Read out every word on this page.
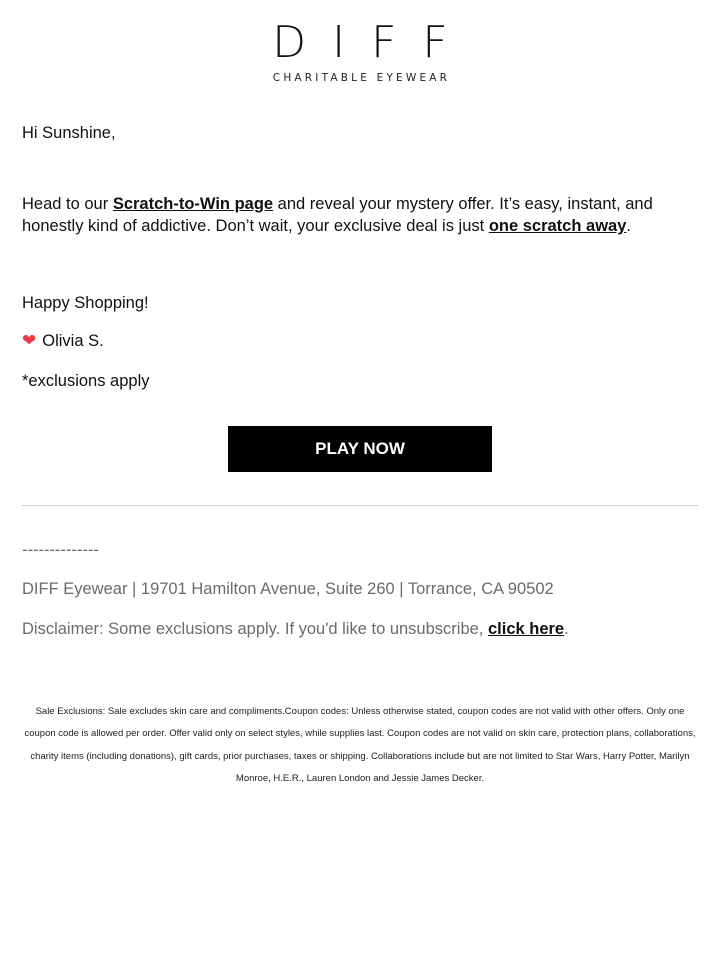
DIFF
CHARITABLE EYEWEAR
Hi Sunshine,
Head to our Scratch-to-Win page and reveal your mystery offer. It’s easy, instant, and honestly kind of addictive. Don’t wait, your exclusive deal is just one scratch away.
Happy Shopping!
❤ Olivia S.
*exclusions apply
PLAY NOW
--------------
DIFF Eyewear | 19701 Hamilton Avenue, Suite 260 | Torrance, CA 90502
Disclaimer: Some exclusions apply. If you'd like to unsubscribe, click here.
Sale Exclusions: Sale excludes skin care and compliments.Coupon codes: Unless otherwise stated, coupon codes are not valid with other offers. Only one coupon code is allowed per order. Offer valid only on select styles, while supplies last. Coupon codes are not valid on skin care, protection plans, collaborations, charity items (including donations), gift cards, prior purchases, taxes or shipping. Collaborations include but are not limited to Star Wars, Harry Potter, Marilyn Monroe, H.E.R., Lauren London and Jessie James Decker.
